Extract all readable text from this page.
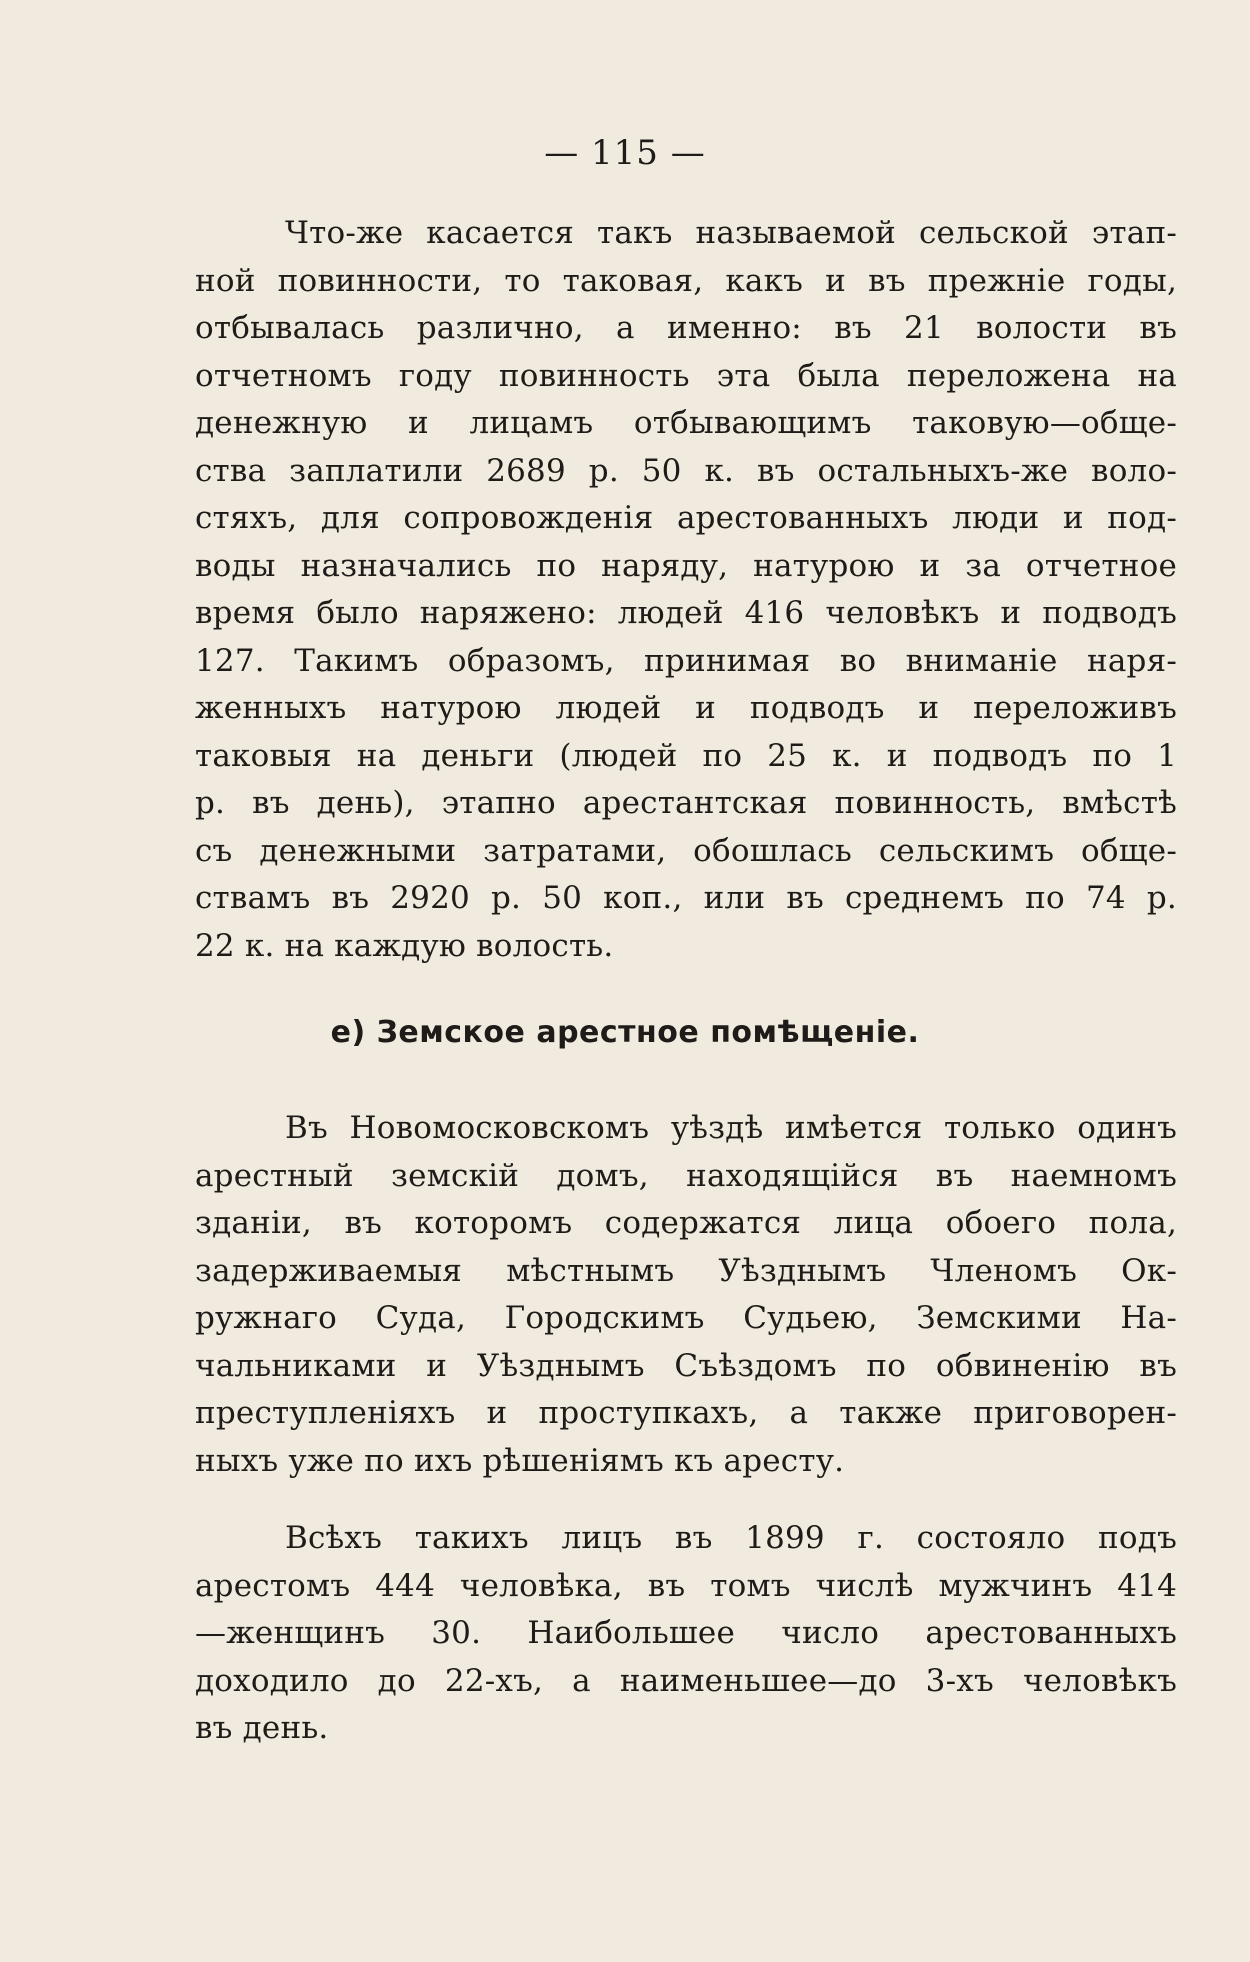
— 115 —
Что-же касается такъ называемой сельской этап-
ной повинности, то таковая, какъ и въ прежніе годы,
отбывалась различно, а именно: въ 21 волости въ
отчетномъ году повинность эта была переложена на
денежную и лицамъ отбывающимъ таковую—общe-
ства заплатили 2689 р. 50 к. въ остальныхъ-же воло-
стяхъ, для сопровожденія арестованныхъ люди и под-
воды назначались по наряду, натурою и за отчетное
время было наряжено: людей 416 человѣкъ и подводъ
127. Такимъ образомъ, принимая во вниманіе наря-
женныхъ натурою людей и подводъ и переложивъ
таковыя на деньги (людей по 25 к. и подводъ по 1
р. въ день), этапно арестантская повинность, вмѣстѣ
съ денежными затратами, обошлась сельскимъ обще-
ствамъ въ 2920 р. 50 коп., или въ среднемъ по 74 р.
22 к. на каждую волость.
е) Земское арестное помѣщеніе.
Въ Новомосковскомъ уѣздѣ имѣется только одинъ
арестный земскій домъ, находящійся въ наемномъ
зданіи, въ которомъ содержатся лица обоего пола,
задерживаемыя мѣстнымъ Уѣзднымъ Членомъ Ок-
ружнаго Суда, Городскимъ Судьею, Земскими На-
чальниками и Уѣзднымъ Съѣздомъ по обвиненію въ
преступленіяхъ и проступкахъ, а также приговорен-
ныхъ уже по ихъ рѣшеніямъ къ аресту.
Всѣхъ такихъ лицъ въ 1899 г. состояло подъ
арестомъ 444 человѣка, въ томъ числѣ мужчинъ 414
—женщинъ 30. Наибольшее число арестованныхъ
доходило до 22-хъ, а наименьшее—до 3-хъ человѣкъ
въ день.
